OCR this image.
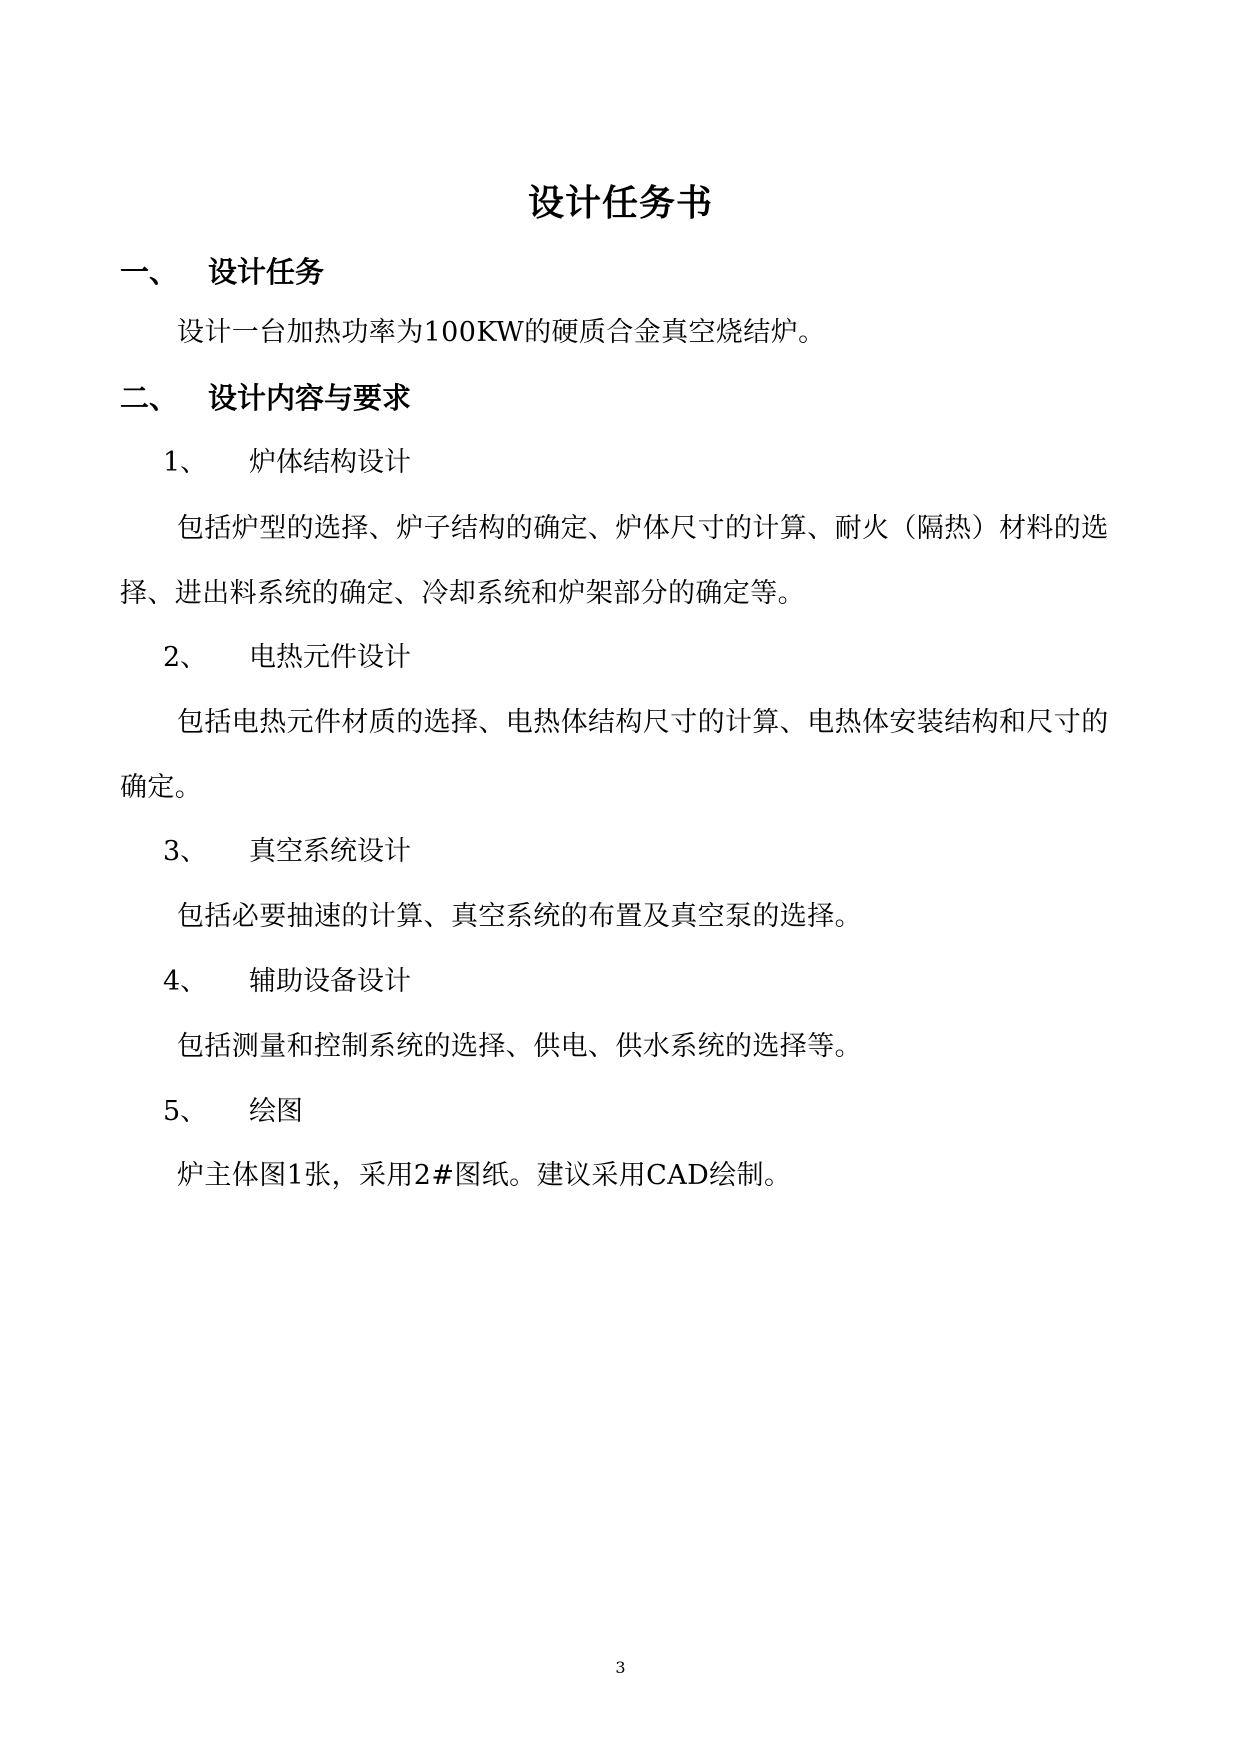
设计任务书
一、 设计任务
设计一台加热功率为100KW的硬质合金真空烧结炉。
二、 设计内容与要求
1、 炉体结构设计
包括炉型的选择、炉子结构的确定、炉体尺寸的计算、耐火（隔热）材料的选择、进出料系统的确定、冷却系统和炉架部分的确定等。
2、 电热元件设计
包括电热元件材质的选择、电热体结构尺寸的计算、电热体安装结构和尺寸的确定。
3、 真空系统设计
包括必要抽速的计算、真空系统的布置及真空泵的选择。
4、 辅助设备设计
包括测量和控制系统的选择、供电、供水系统的选择等。
5、 绘图
炉主体图1张，采用2#图纸。建议采用CAD绘制。
3
